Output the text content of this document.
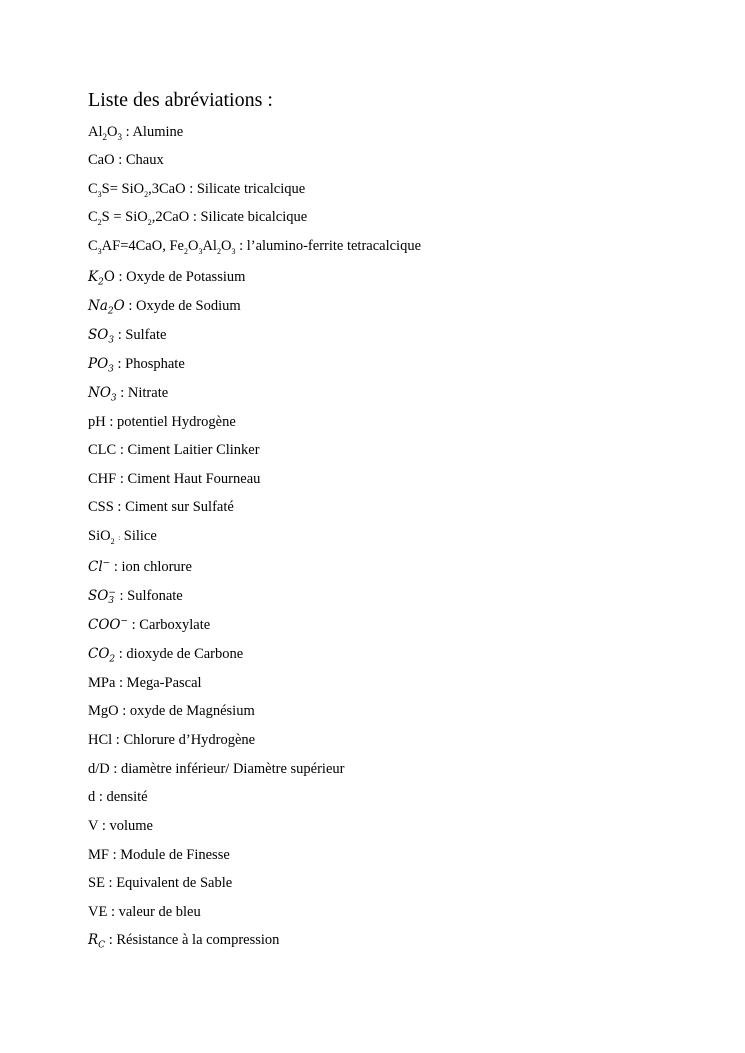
Liste des abréviations :
$Al_2O_3$ : Alumine
CaO : Chaux
$C_3S= SiO_2,3CaO$ : Silicate tricalcique
$C_2S = SiO_2,2CaO$ : Silicate bicalcique
$C_3AF=4CaO$, $Fe_2O_3Al_2O_3$ : l’alumino-ferrite tetracalcique
$K_2O$ : Oxyde de Potassium
$Na_2O$ : Oxyde de Sodium
$SO_3$ : Sulfate
$PO_3$ : Phosphate
$NO_3$ : Nitrate
pH : potentiel Hydrogène
CLC : Ciment Laitier Clinker
CHF : Ciment Haut Fourneau
CSS : Ciment sur Sulfaté
SiO$_2$ : Silice
Cl− : ion chlorure
SO −
3 : Sulfonate
COO− : Carboxylate
$CO_2$ : dioxyde de Carbone
MPa : Mega-Pascal
MgO : oxyde de Magnésium
HCl : Chlorure d’Hydrogène
d/D : diamètre inférieur/ Diamètre supérieur
d : densité
V : volume
MF : Module de Finesse
SE : Equivalent de Sable
VE : valeur de bleu
$R_C$ : Résistance à la compression
